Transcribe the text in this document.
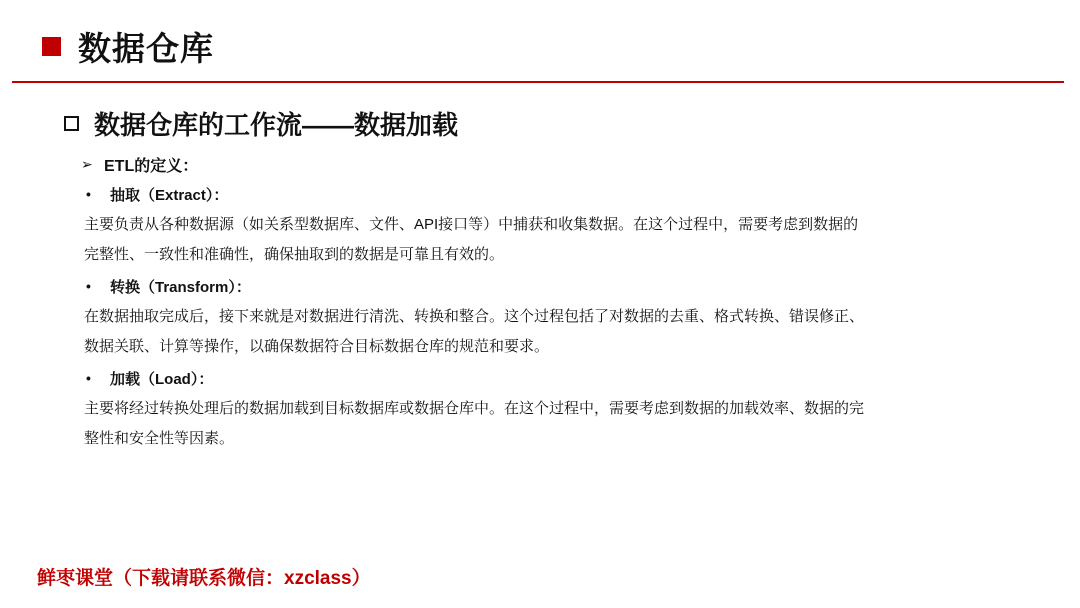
数据仓库
数据仓库的工作流——数据加载
➢ ETL的定义：
•	抽取（Extract）：
主要负责从各种数据源（如关系型数据库、文件、API接口等）中捕获和收集数据。在这个过程中，需要考虑到数据的
完整性、一致性和准确性，确保抽取到的数据是可靠且有效的。
•	转换（Transform）：
在数据抽取完成后，接下来就是对数据进行清洗、转换和整合。这个过程包括了对数据的去重、格式转换、错误修正、
数据关联、计算等操作，以确保数据符合目标数据仓库的规范和要求。
•	加载（Load）：
主要将经过转换处理后的数据加载到目标数据库或数据仓库中。在这个过程中，需要考虑到数据的加载效率、数据的完
整性和安全性等因素。
鲜枣课堂（下载请联系微信：xzclass）
